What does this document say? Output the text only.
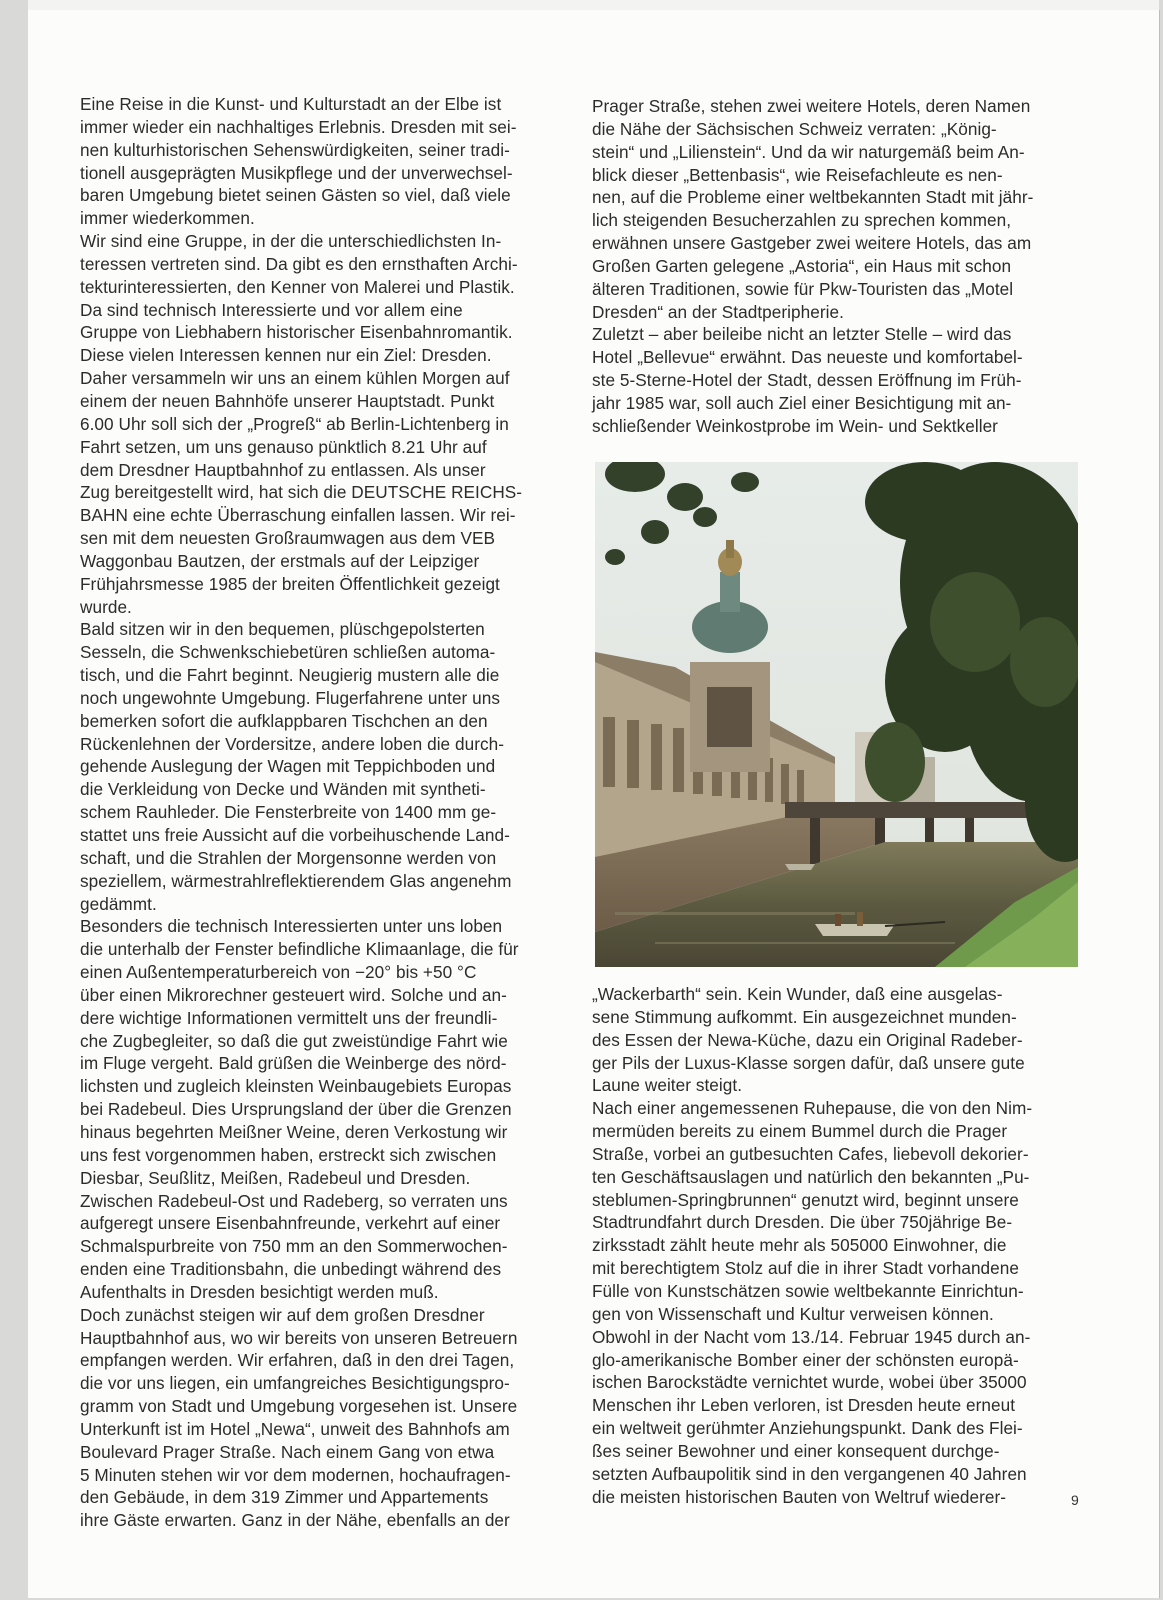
Eine Reise in die Kunst- und Kulturstadt an der Elbe ist
immer wieder ein nachhaltiges Erlebnis. Dresden mit sei-
nen kulturhistorischen Sehenswürdigkeiten, seiner tradi-
tionell ausgeprägten Musikpflege und der unverwechsel-
baren Umgebung bietet seinen Gästen so viel, daß viele
immer wiederkommen.
Wir sind eine Gruppe, in der die unterschiedlichsten In-
teressen vertreten sind. Da gibt es den ernsthaften Archi-
tekturinteressierten, den Kenner von Malerei und Plastik.
Da sind technisch Interessierte und vor allem eine
Gruppe von Liebhabern historischer Eisenbahnromantik.
Diese vielen Interessen kennen nur ein Ziel: Dresden.
Daher versammeln wir uns an einem kühlen Morgen auf
einem der neuen Bahnhöfe unserer Hauptstadt. Punkt
6.00 Uhr soll sich der „Progreß“ ab Berlin-Lichtenberg in
Fahrt setzen, um uns genauso pünktlich 8.21 Uhr auf
dem Dresdner Hauptbahnhof zu entlassen. Als unser
Zug bereitgestellt wird, hat sich die DEUTSCHE REICHS-
BAHN eine echte Überraschung einfallen lassen. Wir rei-
sen mit dem neuesten Großraumwagen aus dem VEB
Waggonbau Bautzen, der erstmals auf der Leipziger
Frühjahrsmesse 1985 der breiten Öffentlichkeit gezeigt
wurde.
Bald sitzen wir in den bequemen, plüschgepolsterten
Sesseln, die Schwenkschiebetüren schließen automa-
tisch, und die Fahrt beginnt. Neugierig mustern alle die
noch ungewohnte Umgebung. Flugerfahrene unter uns
bemerken sofort die aufklappbaren Tischchen an den
Rückenlehnen der Vordersitze, andere loben die durch-
gehende Auslegung der Wagen mit Teppichboden und
die Verkleidung von Decke und Wänden mit syntheti-
schem Rauhleder. Die Fensterbreite von 1400 mm ge-
stattet uns freie Aussicht auf die vorbeihuschende Land-
schaft, und die Strahlen der Morgensonne werden von
speziellem, wärmestrahlreflektierendem Glas angenehm
gedämmt.
Besonders die technisch Interessierten unter uns loben
die unterhalb der Fenster befindliche Klimaanlage, die für
einen Außentemperaturbereich von −20° bis +50 °C
über einen Mikrorechner gesteuert wird. Solche und an-
dere wichtige Informationen vermittelt uns der freundli-
che Zugbegleiter, so daß die gut zweistündige Fahrt wie
im Fluge vergeht. Bald grüßen die Weinberge des nörd-
lichsten und zugleich kleinsten Weinbaugebiets Europas
bei Radebeul. Dies Ursprungsland der über die Grenzen
hinaus begehrten Meißner Weine, deren Verkostung wir
uns fest vorgenommen haben, erstreckt sich zwischen
Diesbar, Seußlitz, Meißen, Radebeul und Dresden.
Zwischen Radebeul-Ost und Radeberg, so verraten uns
aufgeregt unsere Eisenbahnfreunde, verkehrt auf einer
Schmalspurbreite von 750 mm an den Sommerwochen-
enden eine Traditionsbahn, die unbedingt während des
Aufenthalts in Dresden besichtigt werden muß.
Doch zunächst steigen wir auf dem großen Dresdner
Hauptbahnhof aus, wo wir bereits von unseren Betreuern
empfangen werden. Wir erfahren, daß in den drei Tagen,
die vor uns liegen, ein umfangreiches Besichtigungspro-
gramm von Stadt und Umgebung vorgesehen ist. Unsere
Unterkunft ist im Hotel „Newa“, unweit des Bahnhofs am
Boulevard Prager Straße. Nach einem Gang von etwa
5 Minuten stehen wir vor dem modernen, hochaufragen-
den Gebäude, in dem 319 Zimmer und Appartements
ihre Gäste erwarten. Ganz in der Nähe, ebenfalls an der
Prager Straße, stehen zwei weitere Hotels, deren Namen
die Nähe der Sächsischen Schweiz verraten: „König-
stein“ und „Lilienstein“. Und da wir naturgemäß beim An-
blick dieser „Bettenbasis“, wie Reisefachleute es nen-
nen, auf die Probleme einer weltbekannten Stadt mit jähr-
lich steigenden Besucherzahlen zu sprechen kommen,
erwähnen unsere Gastgeber zwei weitere Hotels, das am
Großen Garten gelegene „Astoria“, ein Haus mit schon
älteren Traditionen, sowie für Pkw-Touristen das „Motel
Dresden“ an der Stadtperipherie.
Zuletzt – aber beileibe nicht an letzter Stelle – wird das
Hotel „Bellevue“ erwähnt. Das neueste und komfortabel-
ste 5-Sterne-Hotel der Stadt, dessen Eröffnung im Früh-
jahr 1985 war, soll auch Ziel einer Besichtigung mit an-
schließender Weinkostprobe im Wein- und Sektkeller
„Wackerbarth“ sein. Kein Wunder, daß eine ausgelas-
sene Stimmung aufkommt. Ein ausgezeichnet munden-
des Essen der Newa-Küche, dazu ein Original Radeber-
ger Pils der Luxus-Klasse sorgen dafür, daß unsere gute
Laune weiter steigt.
Nach einer angemessenen Ruhepause, die von den Nim-
mermüden bereits zu einem Bummel durch die Prager
Straße, vorbei an gutbesuchten Cafes, liebevoll dekorier-
ten Geschäftsauslagen und natürlich den bekannten „Pu-
steblumen-Springbrunnen“ genutzt wird, beginnt unsere
Stadtrundfahrt durch Dresden. Die über 750jährige Be-
zirksstadt zählt heute mehr als 505000 Einwohner, die
mit berechtigtem Stolz auf die in ihrer Stadt vorhandene
Fülle von Kunstschätzen sowie weltbekannte Einrichtun-
gen von Wissenschaft und Kultur verweisen können.
Obwohl in der Nacht vom 13./14. Februar 1945 durch an-
glo-amerikanische Bomber einer der schönsten europä-
ischen Barockstädte vernichtet wurde, wobei über 35000
Menschen ihr Leben verloren, ist Dresden heute erneut
ein weltweit gerühmter Anziehungspunkt. Dank des Flei-
ßes seiner Bewohner und einer konsequent durchge-
setzten Aufbaupolitik sind in den vergangenen 40 Jahren
die meisten historischen Bauten von Weltruf wiederer-	9
